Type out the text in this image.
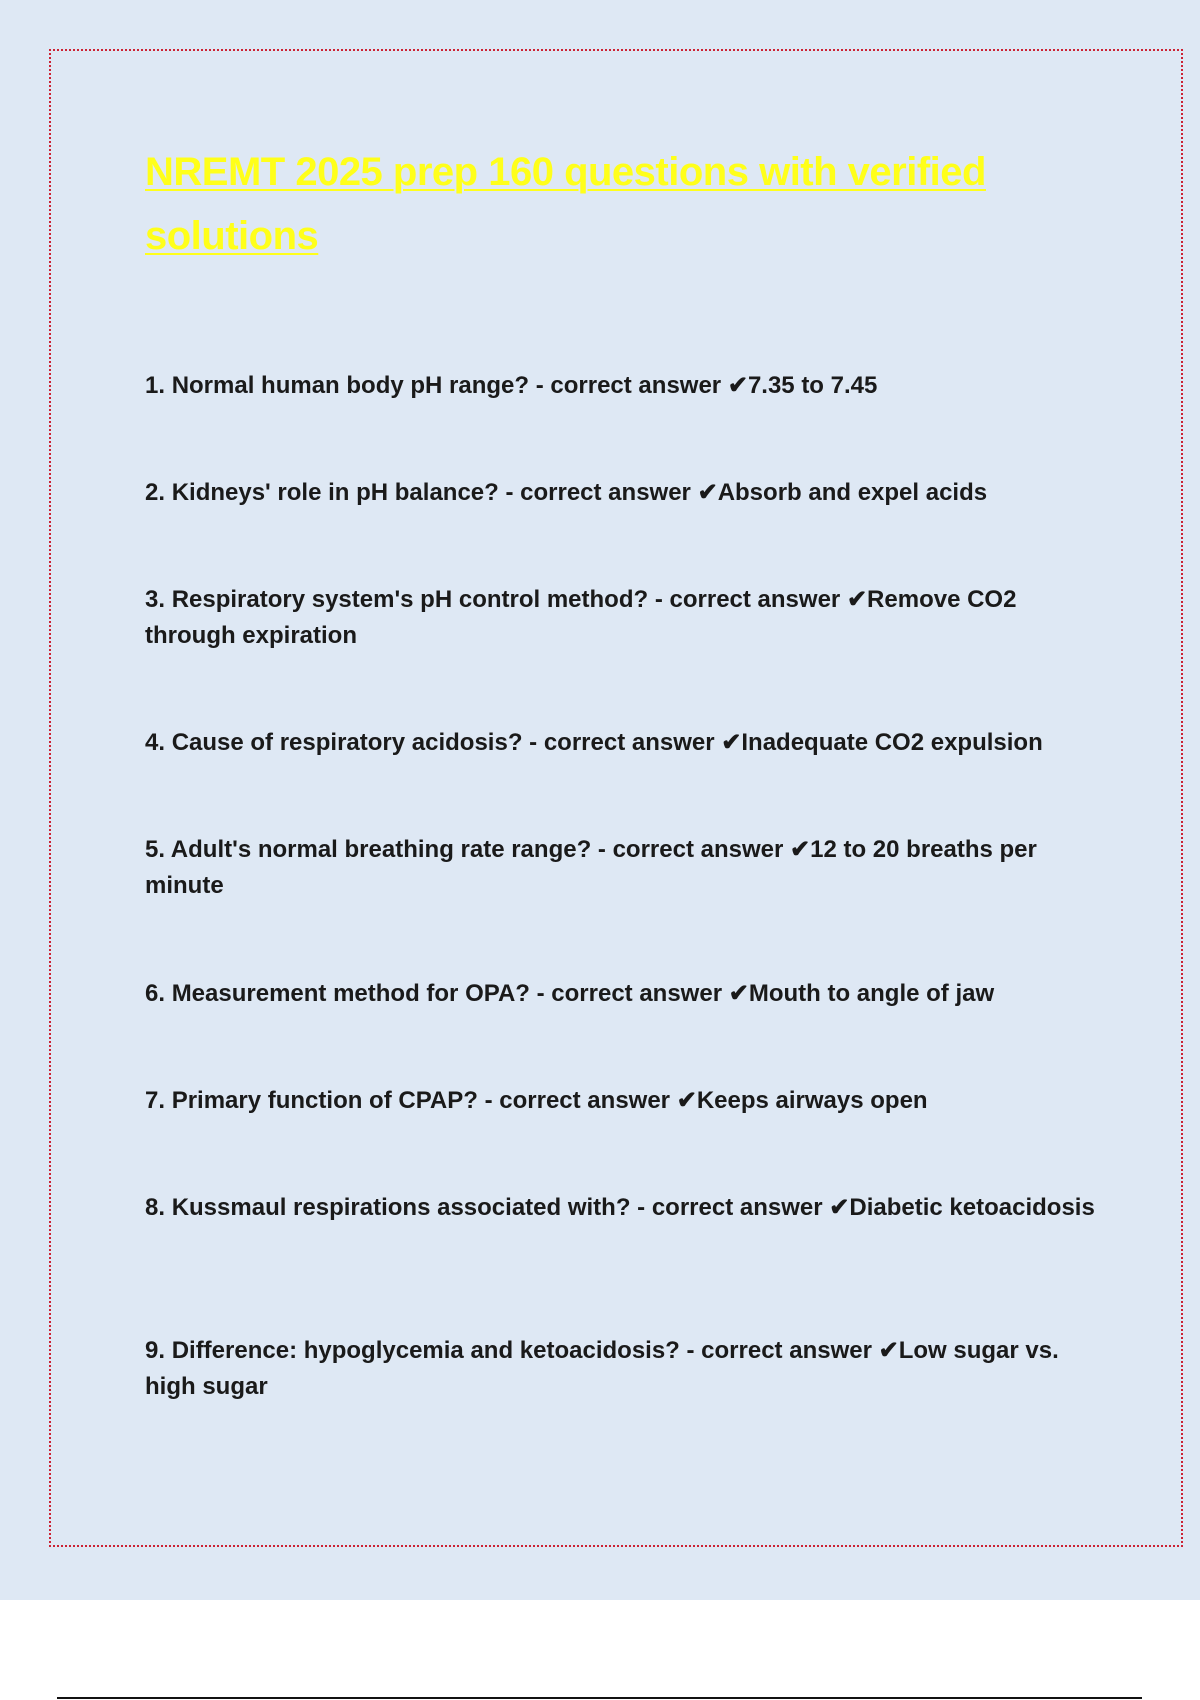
NREMT 2025 prep 160 questions with verified solutions
1. Normal human body pH range? - correct answer ✔7.35 to 7.45
2. Kidneys' role in pH balance? - correct answer ✔Absorb and expel acids
3. Respiratory system's pH control method? - correct answer ✔Remove CO2 through expiration
4. Cause of respiratory acidosis? - correct answer ✔Inadequate CO2 expulsion
5. Adult's normal breathing rate range? - correct answer ✔12 to 20 breaths per minute
6. Measurement method for OPA? - correct answer ✔Mouth to angle of jaw
7. Primary function of CPAP? - correct answer ✔Keeps airways open
8. Kussmaul respirations associated with? - correct answer ✔Diabetic ketoacidosis
9. Difference: hypoglycemia and ketoacidosis? - correct answer ✔Low sugar vs. high sugar
